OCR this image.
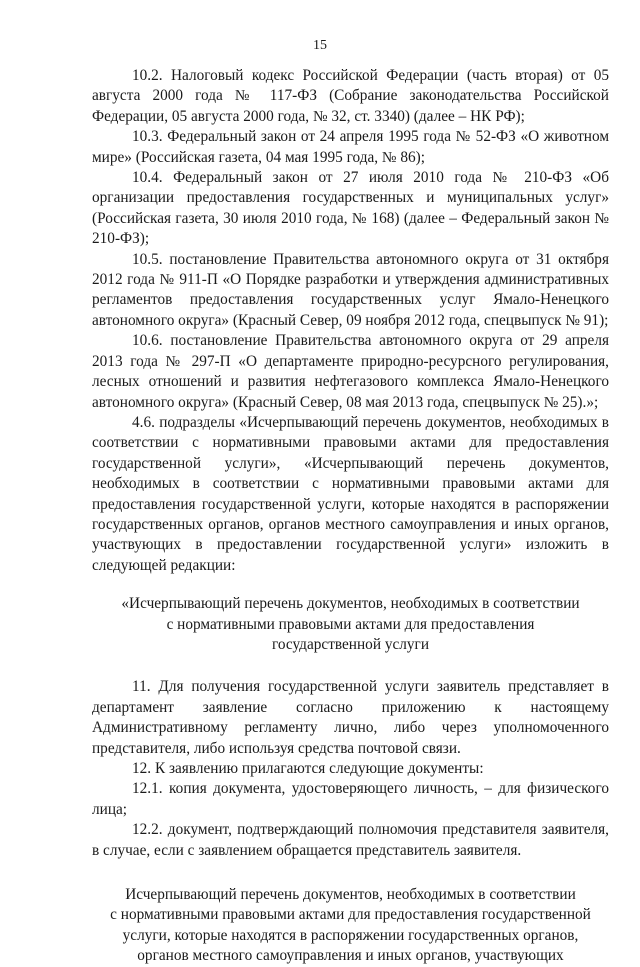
15

10.2. Налоговый кодекс Российской Федерации (часть вторая) от 05 августа 2000 года № 117-ФЗ (Собрание законодательства Российской Федерации, 05 августа 2000 года, № 32, ст. 3340) (далее – НК РФ);

10.3. Федеральный закон от 24 апреля 1995 года № 52-ФЗ «О животном мире» (Российская газета, 04 мая 1995 года, № 86);

10.4. Федеральный закон от 27 июля 2010 года № 210-ФЗ «Об организации предоставления государственных и муниципальных услуг» (Российская газета, 30 июля 2010 года, № 168) (далее – Федеральный закон № 210-ФЗ);

10.5. постановление Правительства автономного округа от 31 октября 2012 года № 911-П «О Порядке разработки и утверждения административных регламентов предоставления государственных услуг Ямало-Ненецкого автономного округа» (Красный Север, 09 ноября 2012 года, спецвыпуск № 91);

10.6. постановление Правительства автономного округа от 29 апреля 2013 года № 297-П «О департаменте природно-ресурсного регулирования, лесных отношений и развития нефтегазового комплекса Ямало-Ненецкого автономного округа» (Красный Север, 08 мая 2013 года, спецвыпуск № 25).»;

4.6. подразделы «Исчерпывающий перечень документов, необходимых в соответствии с нормативными правовыми актами для предоставления государственной услуги», «Исчерпывающий перечень документов, необходимых в соответствии с нормативными правовыми актами для предоставления государственной услуги, которые находятся в распоряжении государственных органов, органов местного самоуправления и иных органов, участвующих в предоставлении государственной услуги» изложить в следующей редакции:

«Исчерпывающий перечень документов, необходимых в соответствии

с нормативными правовыми актами для предоставления

государственной услуги

11. Для получения государственной услуги заявитель представляет в департамент заявление согласно приложению к настоящему Административному регламенту лично, либо через уполномоченного представителя, либо используя средства почтовой связи.

12. К заявлению прилагаются следующие документы:

12.1. копия документа, удостоверяющего личность, – для физического лица;

12.2. документ, подтверждающий полномочия представителя заявителя, в случае, если с заявлением обращается представитель заявителя.

Исчерпывающий перечень документов, необходимых в соответствии

с нормативными правовыми актами для предоставления государственной

услуги, которые находятся в распоряжении государственных органов,

органов местного самоуправления и иных органов, участвующих
